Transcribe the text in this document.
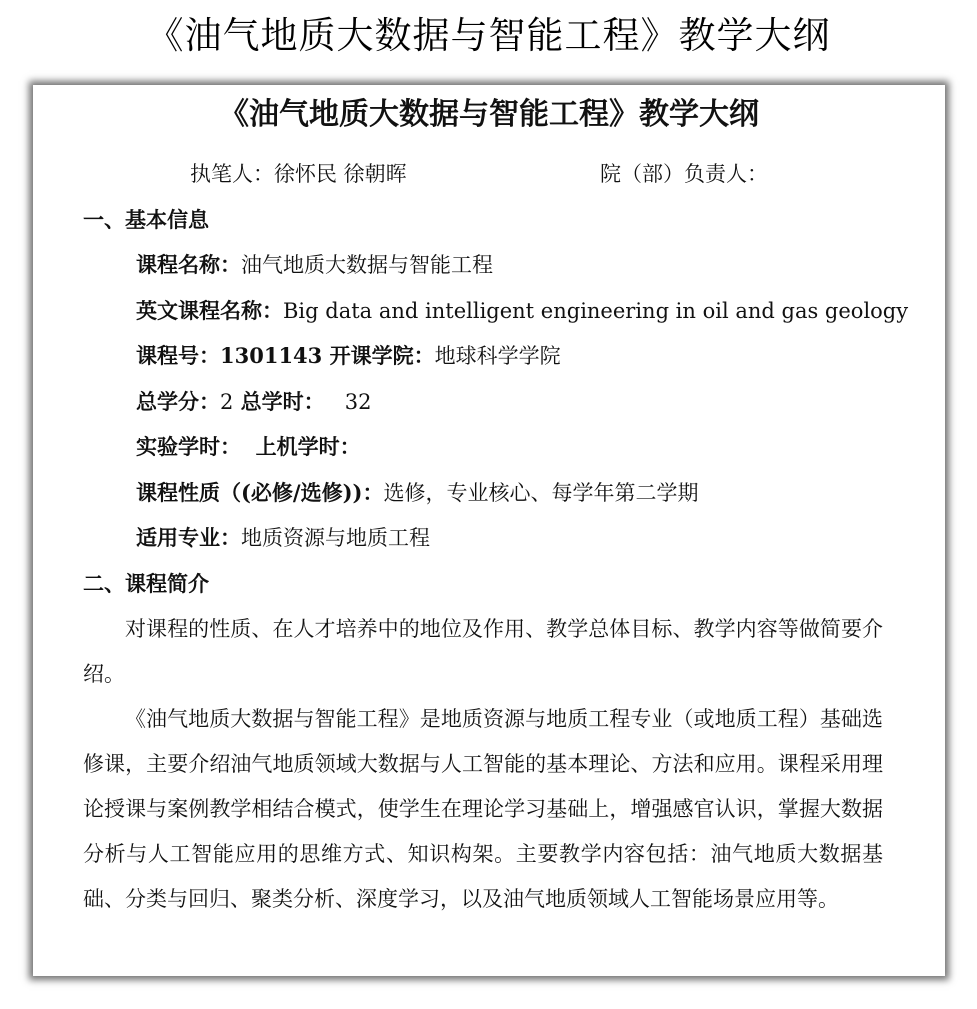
《油气地质大数据与智能工程》教学大纲
《油气地质大数据与智能工程》教学大纲
执笔人：徐怀民 徐朝晖	院（部）负责人：
一、基本信息
课程名称：油气地质大数据与智能工程
英文课程名称：Big data and intelligent engineering in oil and gas geology
课程号：1301143 开课学院：地球科学学院
总学分：2 总学时：   32
实验学时：  上机学时：
课程性质（(必修/选修))：选修，专业核心、每学年第二学期
适用专业：地质资源与地质工程
二、课程简介
对课程的性质、在人才培养中的地位及作用、教学总体目标、教学内容等做简要介绍。
《油气地质大数据与智能工程》是地质资源与地质工程专业（或地质工程）基础选修课，主要介绍油气地质领域大数据与人工智能的基本理论、方法和应用。课程采用理论授课与案例教学相结合模式，使学生在理论学习基础上，增强感官认识，掌握大数据分析与人工智能应用的思维方式、知识构架。主要教学内容包括：油气地质大数据基础、分类与回归、聚类分析、深度学习，以及油气地质领域人工智能场景应用等。
